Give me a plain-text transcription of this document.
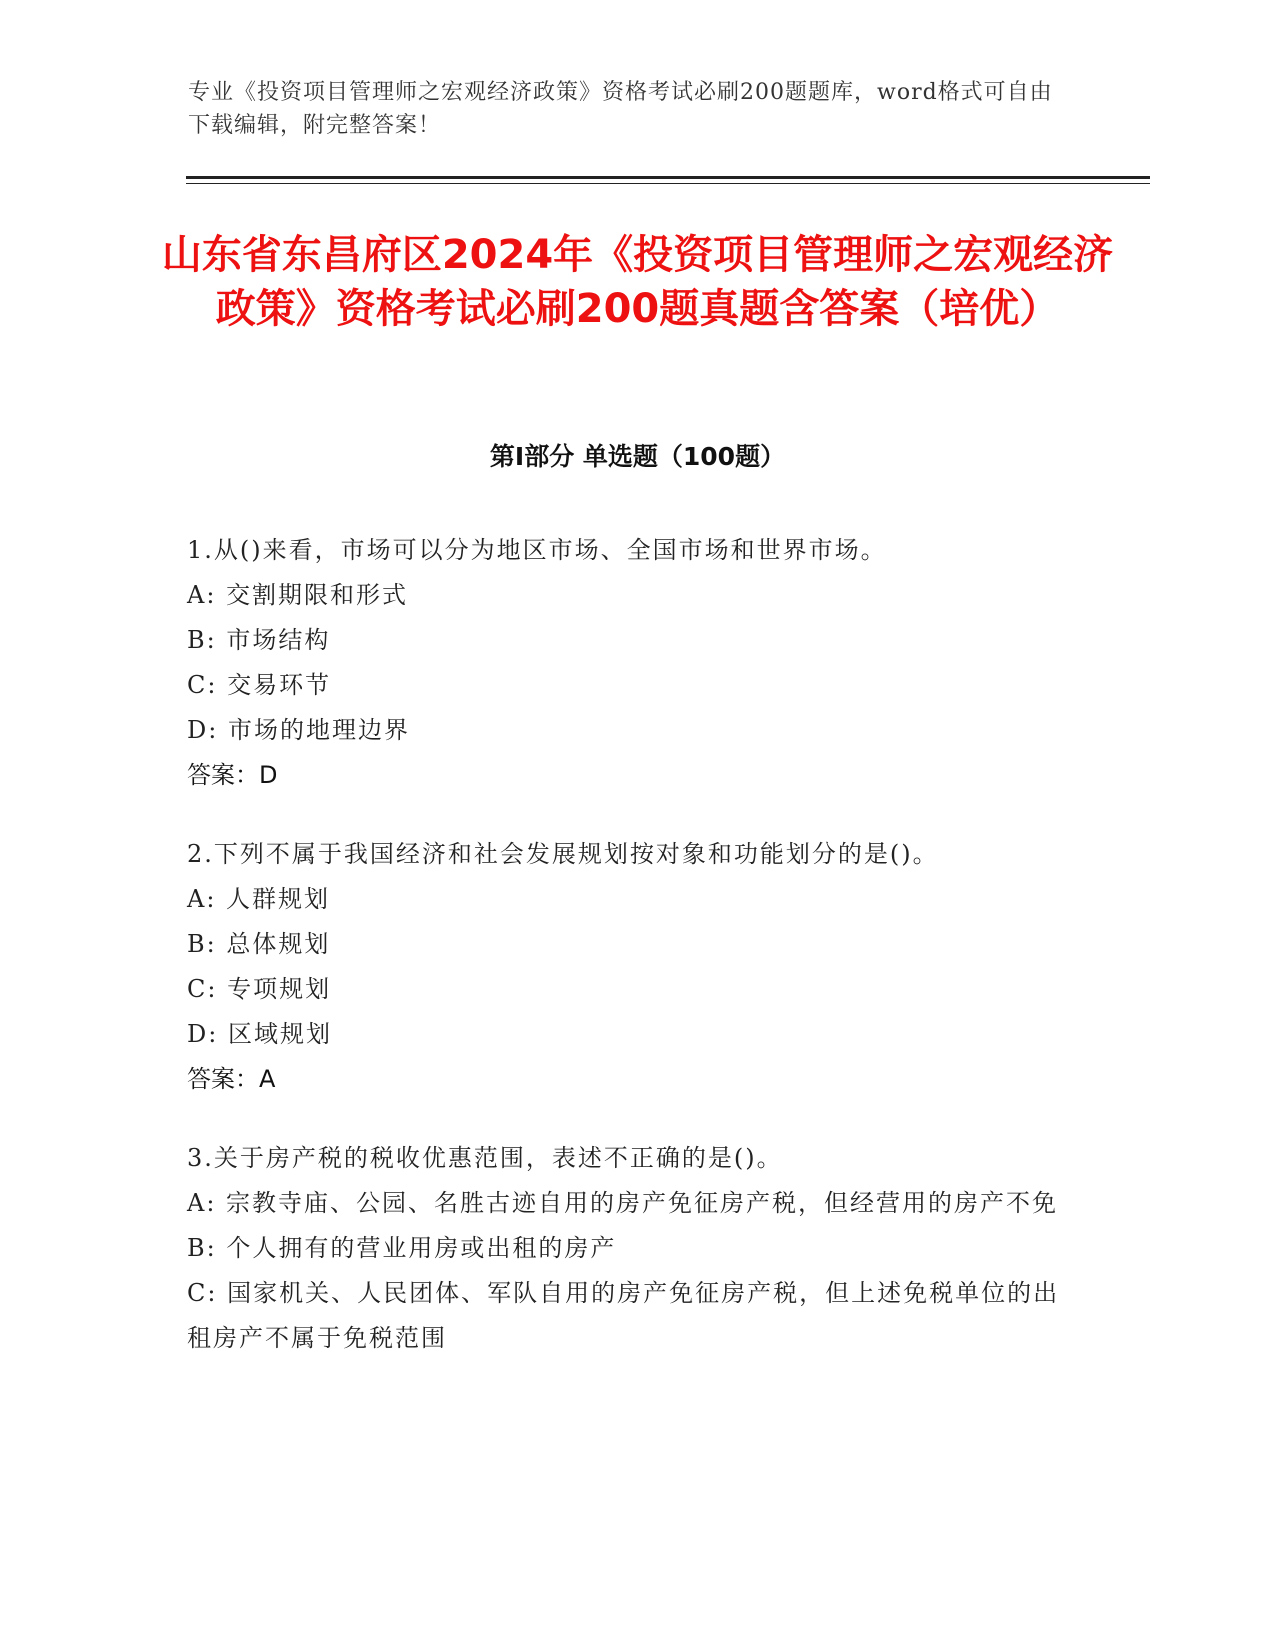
专业《投资项目管理师之宏观经济政策》资格考试必刷200题题库，word格式可自由下载编辑，附完整答案！
山东省东昌府区2024年《投资项目管理师之宏观经济政策》资格考试必刷200题真题含答案（培优）
第I部分 单选题（100题）
1.从()来看，市场可以分为地区市场、全国市场和世界市场。
A: 交割期限和形式
B: 市场结构
C: 交易环节
D: 市场的地理边界
答案：D
2.下列不属于我国经济和社会发展规划按对象和功能划分的是()。
A: 人群规划
B: 总体规划
C: 专项规划
D: 区域规划
答案：A
3.关于房产税的税收优惠范围，表述不正确的是()。
A: 宗教寺庙、公园、名胜古迹自用的房产免征房产税，但经营用的房产不免
B: 个人拥有的营业用房或出租的房产
C: 国家机关、人民团体、军队自用的房产免征房产税，但上述免税单位的出租房产不属于免税范围
